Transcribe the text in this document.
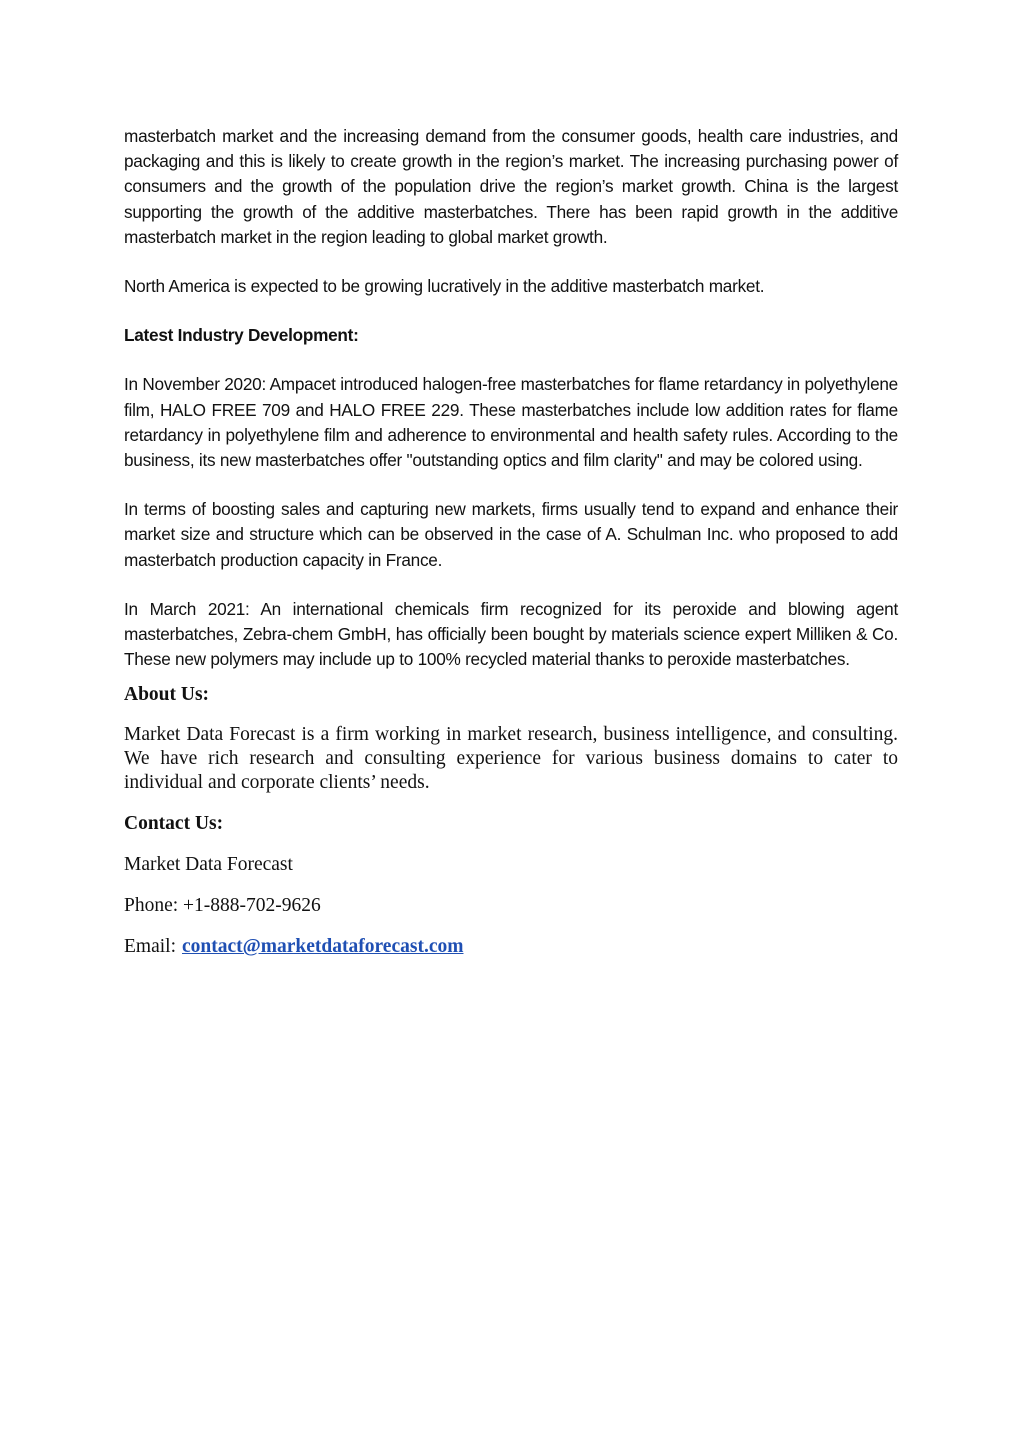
masterbatch market and the increasing demand from the consumer goods, health care industries, and packaging and this is likely to create growth in the region’s market. The increasing purchasing power of consumers and the growth of the population drive the region’s market growth. China is the largest supporting the growth of the additive masterbatches. There has been rapid growth in the additive masterbatch market in the region leading to global market growth.

North America is expected to be growing lucratively in the additive masterbatch market.

Latest Industry Development:

In November 2020: Ampacet introduced halogen-free masterbatches for flame retardancy in polyethylene film, HALO FREE 709 and HALO FREE 229. These masterbatches include low addition rates for flame retardancy in polyethylene film and adherence to environmental and health safety rules. According to the business, its new masterbatches offer "outstanding optics and film clarity" and may be colored using.

In terms of boosting sales and capturing new markets, firms usually tend to expand and enhance their market size and structure which can be observed in the case of A. Schulman Inc. who proposed to add masterbatch production capacity in France.

In March 2021: An international chemicals firm recognized for its peroxide and blowing agent masterbatches, Zebra-chem GmbH, has officially been bought by materials science expert Milliken & Co. These new polymers may include up to 100% recycled material thanks to peroxide masterbatches.

About Us:

Market Data Forecast is a firm working in market research, business intelligence, and consulting. We have rich research and consulting experience for various business domains to cater to individual and corporate clients’ needs.

Contact Us:

Market Data Forecast

Phone: +1-888-702-9626

Email: contact@marketdataforecast.com
